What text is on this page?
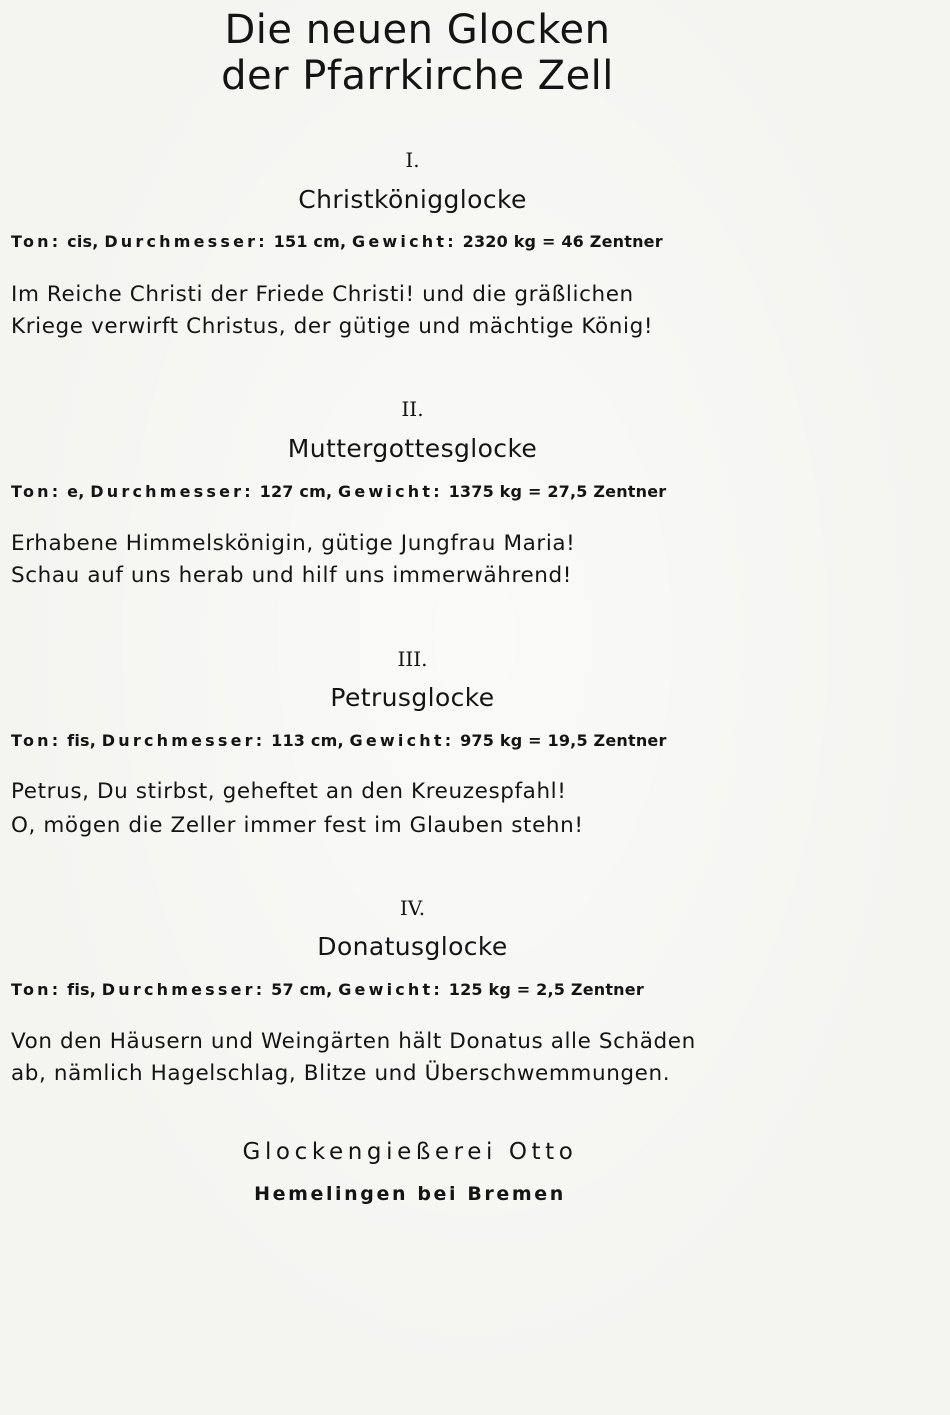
Die neuen Glocken
der Pfarrkirche Zell
I.
Christkönigglocke
Ton: cis, Durchmesser: 151 cm, Gewicht: 2320 kg = 46 Zentner
Im Reiche Christi der Friede Christi! und die gräßlichen
Kriege verwirft Christus, der gütige und mächtige König!
II.
Muttergottesglocke
Ton: e, Durchmesser: 127 cm, Gewicht: 1375 kg = 27,5 Zentner
Erhabene Himmelskönigin, gütige Jungfrau Maria!
Schau auf uns herab und hilf uns immerwährend!
III.
Petrusglocke
Ton: fis, Durchmesser: 113 cm, Gewicht: 975 kg = 19,5 Zentner
Petrus, Du stirbst, geheftet an den Kreuzespfahl!
O, mögen die Zeller immer fest im Glauben stehn!
IV.
Donatusglocke
Ton: fis, Durchmesser: 57 cm, Gewicht: 125 kg = 2,5 Zentner
Von den Häusern und Weingärten hält Donatus alle Schäden
ab, nämlich Hagelschlag, Blitze und Überschwemmungen.
Glockengießerei Otto
Hemelingen bei Bremen
